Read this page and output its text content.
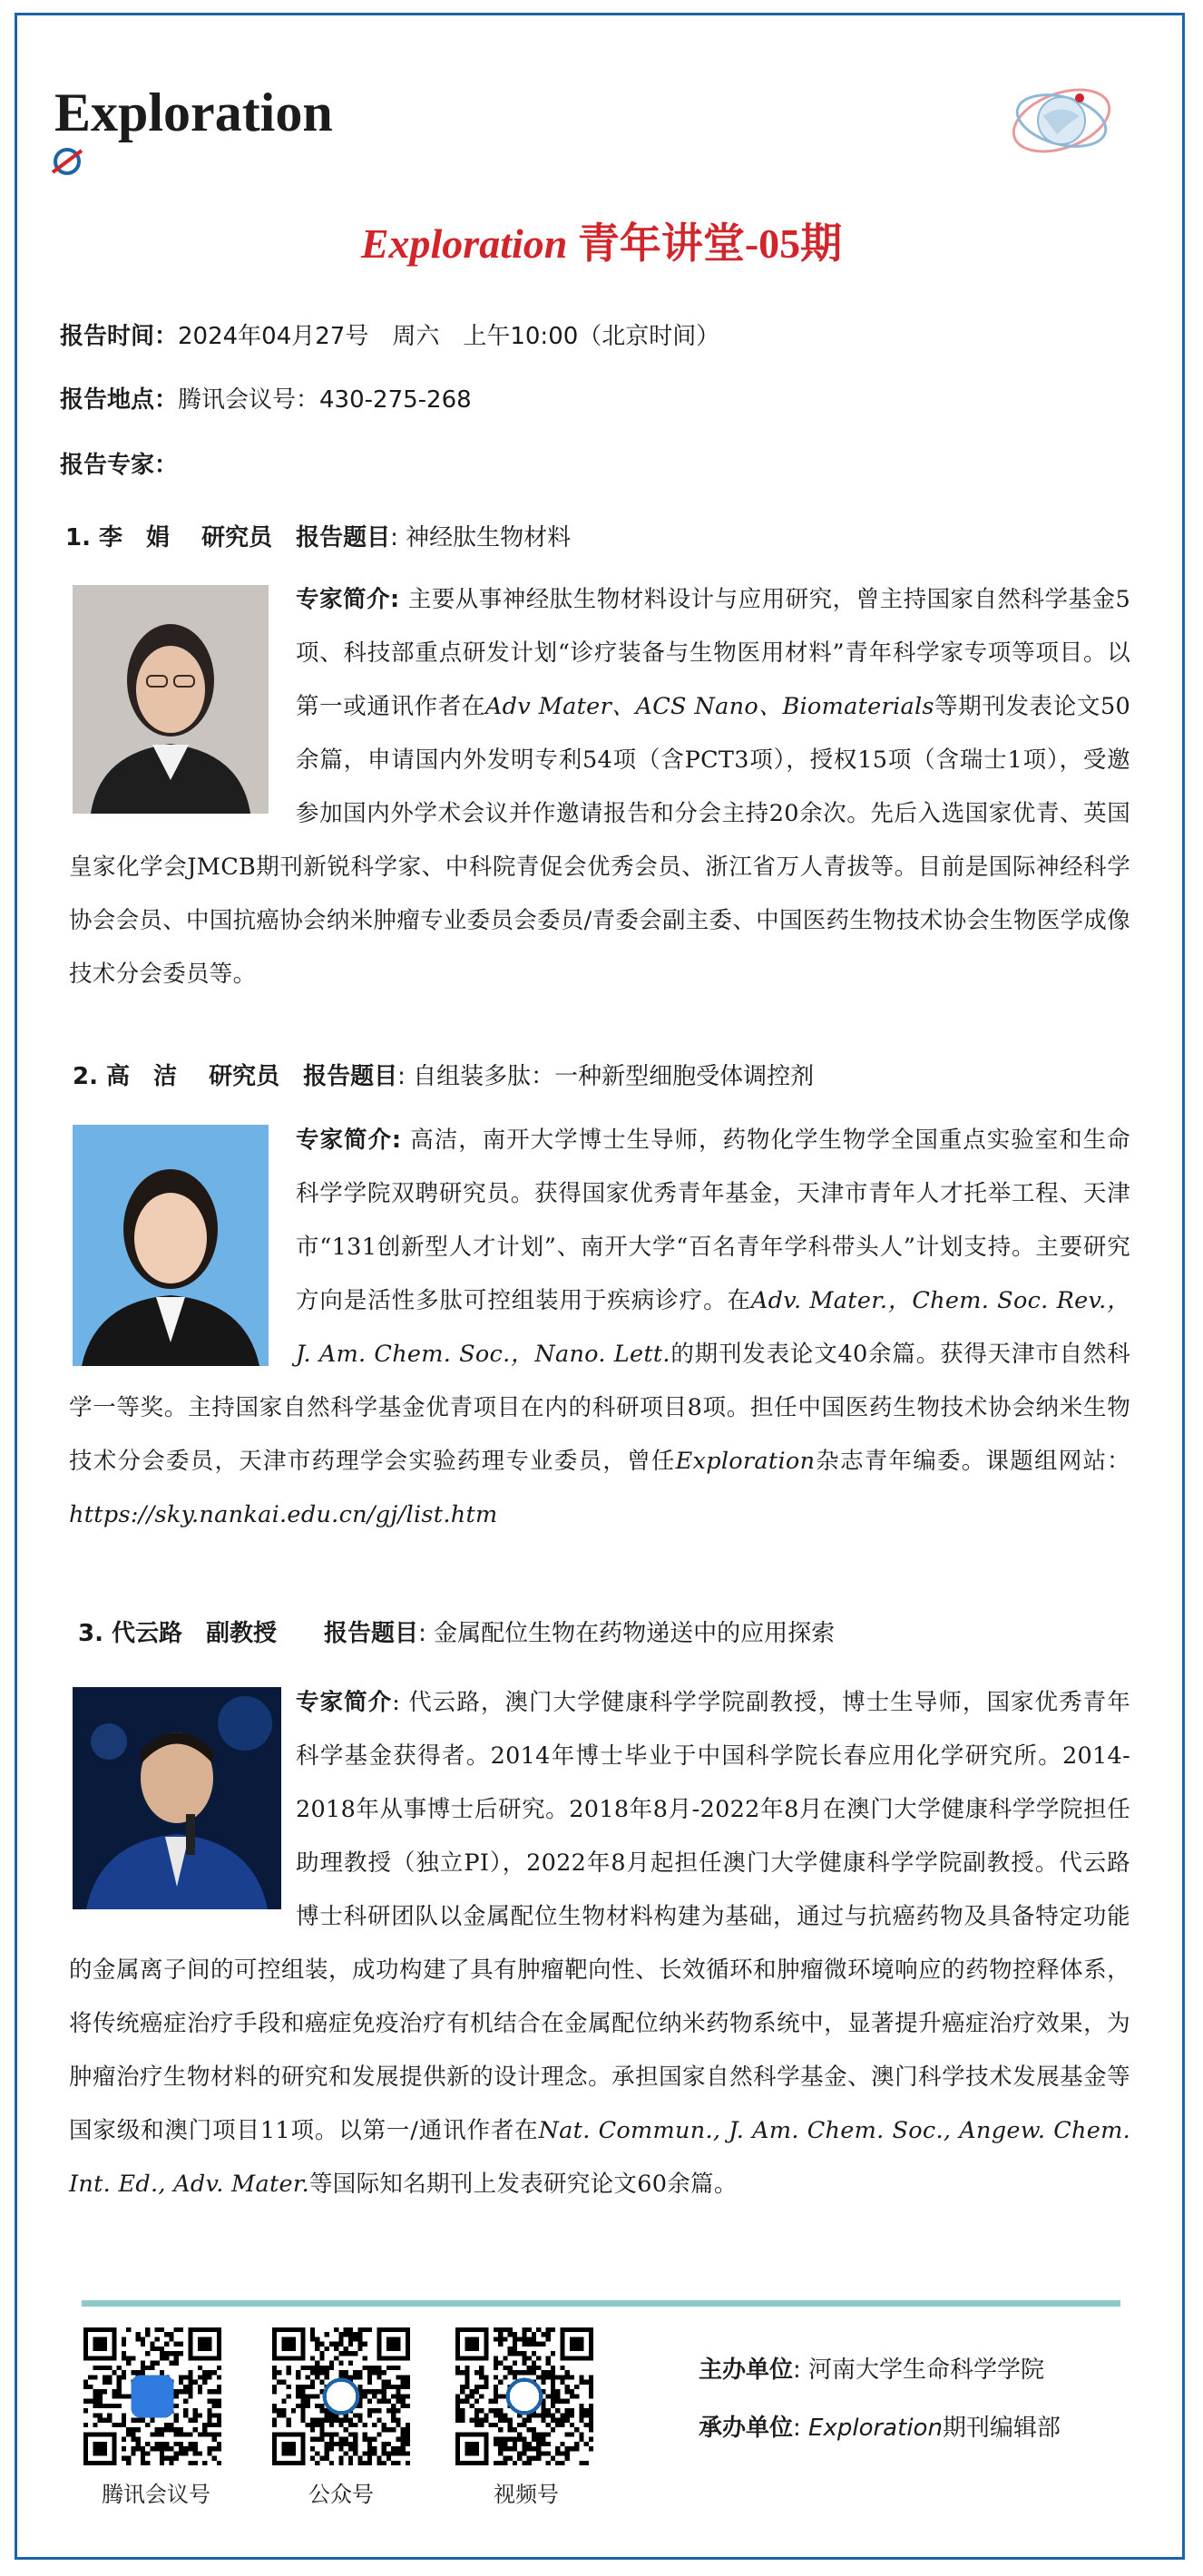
Exploration
Exploration 青年讲堂-05期
报告时间：2024年04月27号　周六　上午10:00（北京时间）
报告地点：腾讯会议号：430-275-268
报告专家：
1. 李　娟　 研究员　 报告题目: 神经肽生物材料

专家简介: 主要从事神经肽生物材料设计与应用研究，曾主持国家自然科学基金5项、科技部重点研发计划“诊疗装备与生物医用材料”青年科学家专项等项目。以第一或通讯作者在Adv Mater、ACS Nano、Biomaterials等期刊发表论文50余篇，申请国内外发明专利54项（含PCT3项），授权15项（含瑞士1项），受邀参加国内外学术会议并作邀请报告和分会主持20余次。先后入选国家优青、英国皇家化学会JMCB期刊新锐科学家、中科院青促会优秀会员、浙江省万人青拔等。目前是国际神经科学协会会员、中国抗癌协会纳米肿瘤专业委员会委员/青委会副主委、中国医药生物技术协会生物医学成像技术分会委员等。

2. 高　洁　 研究员　 报告题目: 自组装多肽：一种新型细胞受体调控剂

专家简介: 高洁，南开大学博士生导师，药物化学生物学全国重点实验室和生命科学学院双聘研究员。获得国家优秀青年基金，天津市青年人才托举工程、天津市“131创新型人才计划”、南开大学“百名青年学科带头人”计划支持。主要研究方向是活性多肽可控组装用于疾病诊疗。在Adv. Mater.，Chem. Soc. Rev.，J. Am. Chem. Soc.，Nano. Lett.的期刊发表论文40余篇。获得天津市自然科学一等奖。主持国家自然科学基金优青项目在内的科研项目8项。担任中国医药生物技术协会纳米生物技术分会委员，天津市药理学会实验药理专业委员，曾任Exploration杂志青年编委。课题组网站：https://sky.nankai.edu.cn/gj/list.htm

3. 代云路　副教授　　报告题目: 金属配位生物在药物递送中的应用探索

专家简介: 代云路，澳门大学健康科学学院副教授，博士生导师，国家优秀青年科学基金获得者。2014年博士毕业于中国科学院长春应用化学研究所。2014-2018年从事博士后研究。2018年8月-2022年8月在澳门大学健康科学学院担任助理教授（独立PI），2022年8月起担任澳门大学健康科学学院副教授。代云路博士科研团队以金属配位生物材料构建为基础，通过与抗癌药物及具备特定功能的金属离子间的可控组装，成功构建了具有肿瘤靶向性、长效循环和肿瘤微环境响应的药物控释体系，将传统癌症治疗手段和癌症免疫治疗有机结合在金属配位纳米药物系统中，显著提升癌症治疗效果，为肿瘤治疗生物材料的研究和发展提供新的设计理念。承担国家自然科学基金、澳门科学技术发展基金等国家级和澳门项目11项。以第一/通讯作者在Nat. Commun., J. Am. Chem. Soc., Angew. Chem. Int. Ed., Adv. Mater.等国际知名期刊上发表研究论文60余篇。

腾讯会议号	公众号	视频号
主办单位: 河南大学生命科学学院
承办单位: Exploration期刊编辑部
